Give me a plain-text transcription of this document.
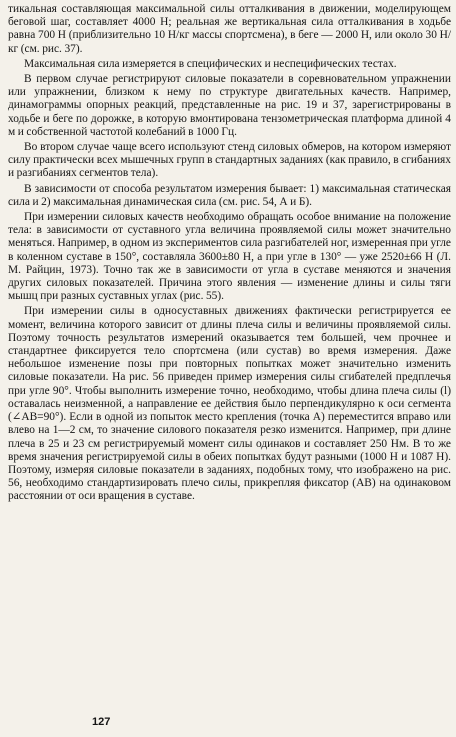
тикальная составляющая максимальной силы отталкивания в движении, моделирующем беговой шаг, составляет 4000 Н; реальная же вертикальная сила отталкивания в ходьбе равна 700 Н (приблизительно 10 Н/кг массы спортсмена), в беге — 2000 Н, или около 30 Н/кг (см. рис. 37).

Максимальная сила измеряется в специфических и неспецифических тестах.

В первом случае регистрируют силовые показатели в соревновательном упражнении или упражнении, близком к нему по структуре двигательных качеств. Например, динамограммы опорных реакций, представленные на рис. 19 и 37, зарегистрированы в ходьбе и беге по дорожке, в которую вмонтирована тензометрическая платформа длиной 4 м и собственной частотой колебаний в 1000 Гц.

Во втором случае чаще всего используют стенд силовых обмеров, на котором измеряют силу практически всех мышечных групп в стандартных заданиях (как правило, в сгибаниях и разгибаниях сегментов тела).

В зависимости от способа результатом измерения бывает: 1) максимальная статическая сила и 2) максимальная динамическая сила (см. рис. 54, А и Б).

При измерении силовых качеств необходимо обращать особое внимание на положение тела: в зависимости от суставного угла величина проявляемой силы может значительно меняться. Например, в одном из экспериментов сила разгибателей ног, измеренная при угле в коленном суставе в 150°, составляла 3600±80 Н, а при угле в 130° — уже 2520±66 Н (Л. М. Райцин, 1973). Точно так же в зависимости от угла в суставе меняются и значения других силовых показателей. Причина этого явления — изменение длины и силы тяги мышц при разных суставных углах (рис. 55).

При измерении силы в односуставных движениях фактически регистрируется ее момент, величина которого зависит от длины плеча силы и величины проявляемой силы. Поэтому точность результатов измерений оказывается тем большей, чем прочнее и стандартнее фиксируется тело спортсмена (или сустав) во время измерения. Даже небольшое изменение позы при повторных попытках может значительно изменить силовые показатели. На рис. 56 приведен пример измерения силы сгибателей предплечья при угле 90°. Чтобы выполнить измерение точно, необходимо, чтобы длина плеча силы (l) оставалась неизменной, а направление ее действия было перпендикулярно к оси сегмента (∠AB=90°). Если в одной из попыток место крепления (точка А) переместится вправо или влево на 1—2 см, то значение силового показателя резко изменится. Например, при длине плеча в 25 и 23 см регистрируемый момент силы одинаков и составляет 250 Нм. В то же время значения регистрируемой силы в обеих попытках будут разными (1000 Н и 1087 Н). Поэтому, измеряя силовые показатели в заданиях, подобных тому, что изображено на рис. 56, необходимо стандартизировать плечо силы, прикрепляя фиксатор (АВ) на одинаковом расстоянии от оси вращения в суставе.

127
